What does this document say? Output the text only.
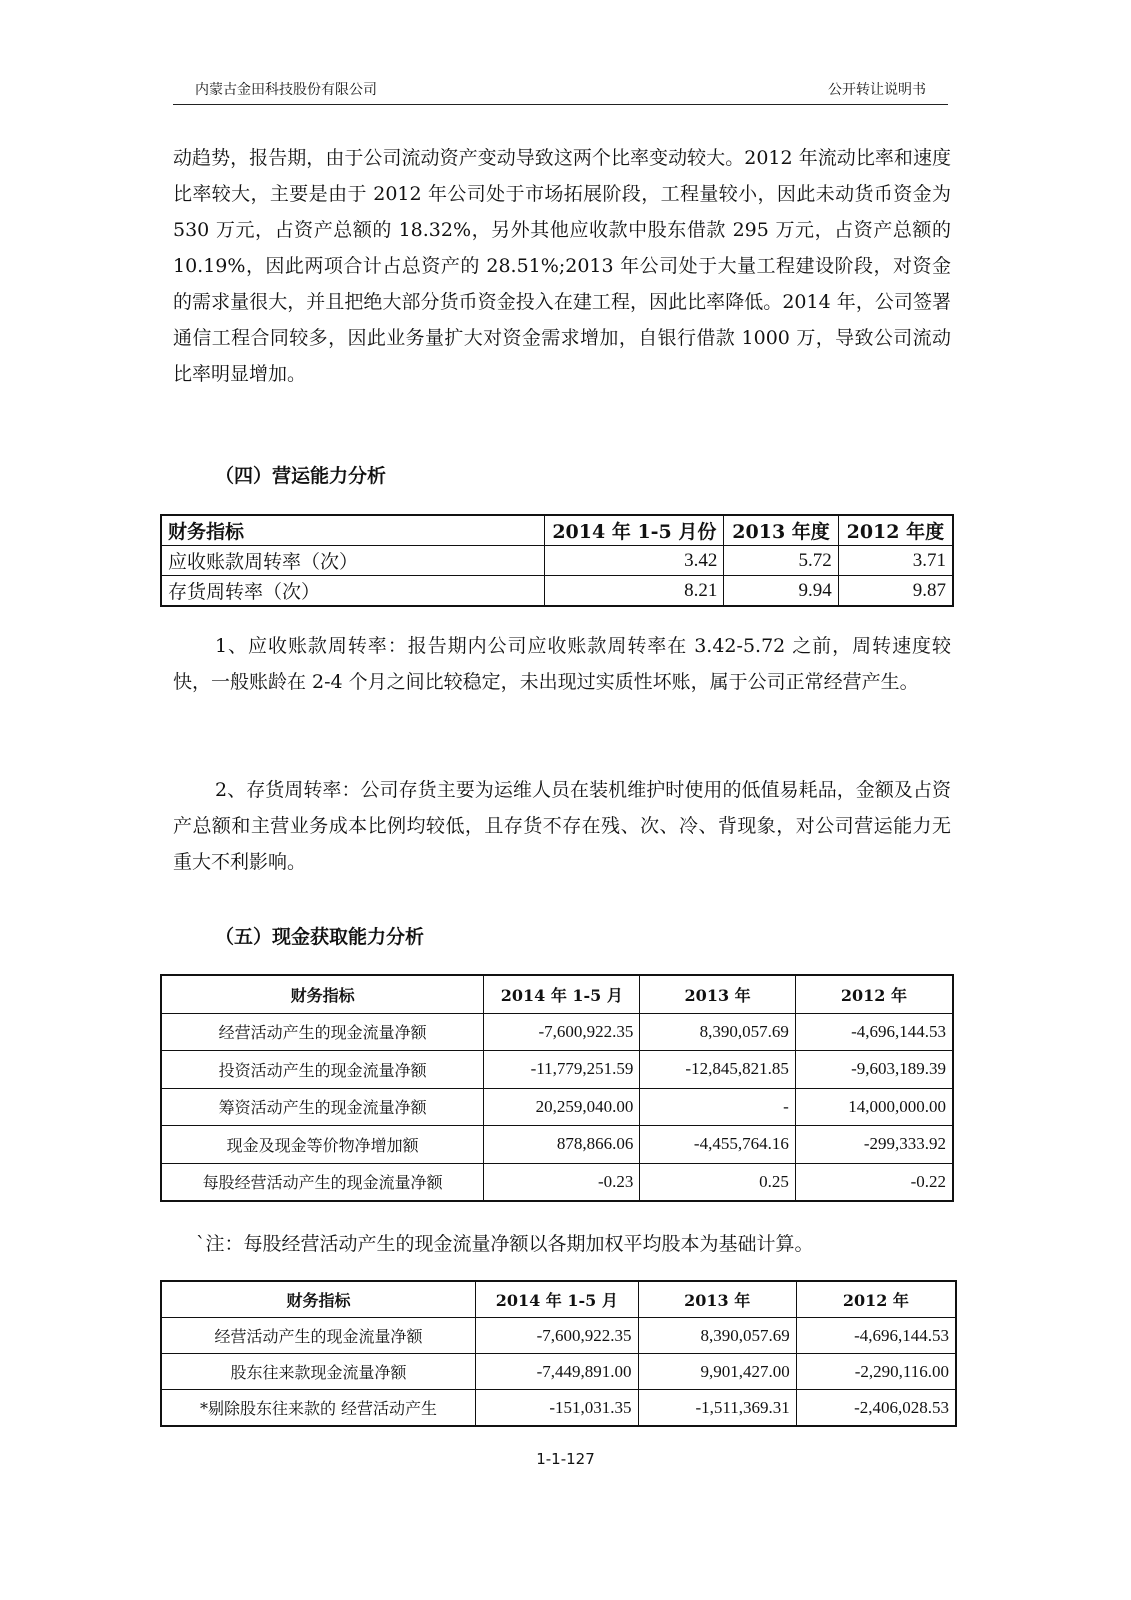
内蒙古金田科技股份有限公司	公开转让说明书

动趋势，报告期，由于公司流动资产变动导致这两个比率变动较大。2012 年流动比率和速度比率较大，主要是由于 2012 年公司处于市场拓展阶段，工程量较小，因此未动货币资金为 530 万元，占资产总额的 18.32%，另外其他应收款中股东借款 295 万元，占资产总额的 10.19%，因此两项合计占总资产的 28.51%;2013 年公司处于大量工程建设阶段，对资金的需求量很大，并且把绝大部分货币资金投入在建工程，因此比率降低。2014 年，公司签署通信工程合同较多，因此业务量扩大对资金需求增加，自银行借款 1000 万，导致公司流动比率明显增加。

（四）营运能力分析

财务指标	2014 年 1-5 月份	2013 年度	2012 年度
应收账款周转率（次）	3.42	5.72	3.71
存货周转率（次）	8.21	9.94	9.87

1、应收账款周转率：报告期内公司应收账款周转率在 3.42-5.72 之前，周转速度较快，一般账龄在 2-4 个月之间比较稳定，未出现过实质性坏账，属于公司正常经营产生。

2、存货周转率：公司存货主要为运维人员在装机维护时使用的低值易耗品，金额及占资产总额和主营业务成本比例均较低，且存货不存在残、次、冷、背现象，对公司营运能力无重大不利影响。

（五）现金获取能力分析

财务指标	2014 年 1-5 月	2013 年	2012 年
经营活动产生的现金流量净额	-7,600,922.35	8,390,057.69	-4,696,144.53
投资活动产生的现金流量净额	-11,779,251.59	-12,845,821.85	-9,603,189.39
筹资活动产生的现金流量净额	20,259,040.00	-	14,000,000.00
现金及现金等价物净增加额	878,866.06	-4,455,764.16	-299,333.92
每股经营活动产生的现金流量净额	-0.23	0.25	-0.22

`注：每股经营活动产生的现金流量净额以各期加权平均股本为基础计算。

财务指标	2014 年 1-5 月	2013 年	2012 年
经营活动产生的现金流量净额	-7,600,922.35	8,390,057.69	-4,696,144.53
股东往来款现金流量净额	-7,449,891.00	9,901,427.00	-2,290,116.00
*剔除股东往来款的 经营活动产生	-151,031.35	-1,511,369.31	-2,406,028.53
1-1-127
